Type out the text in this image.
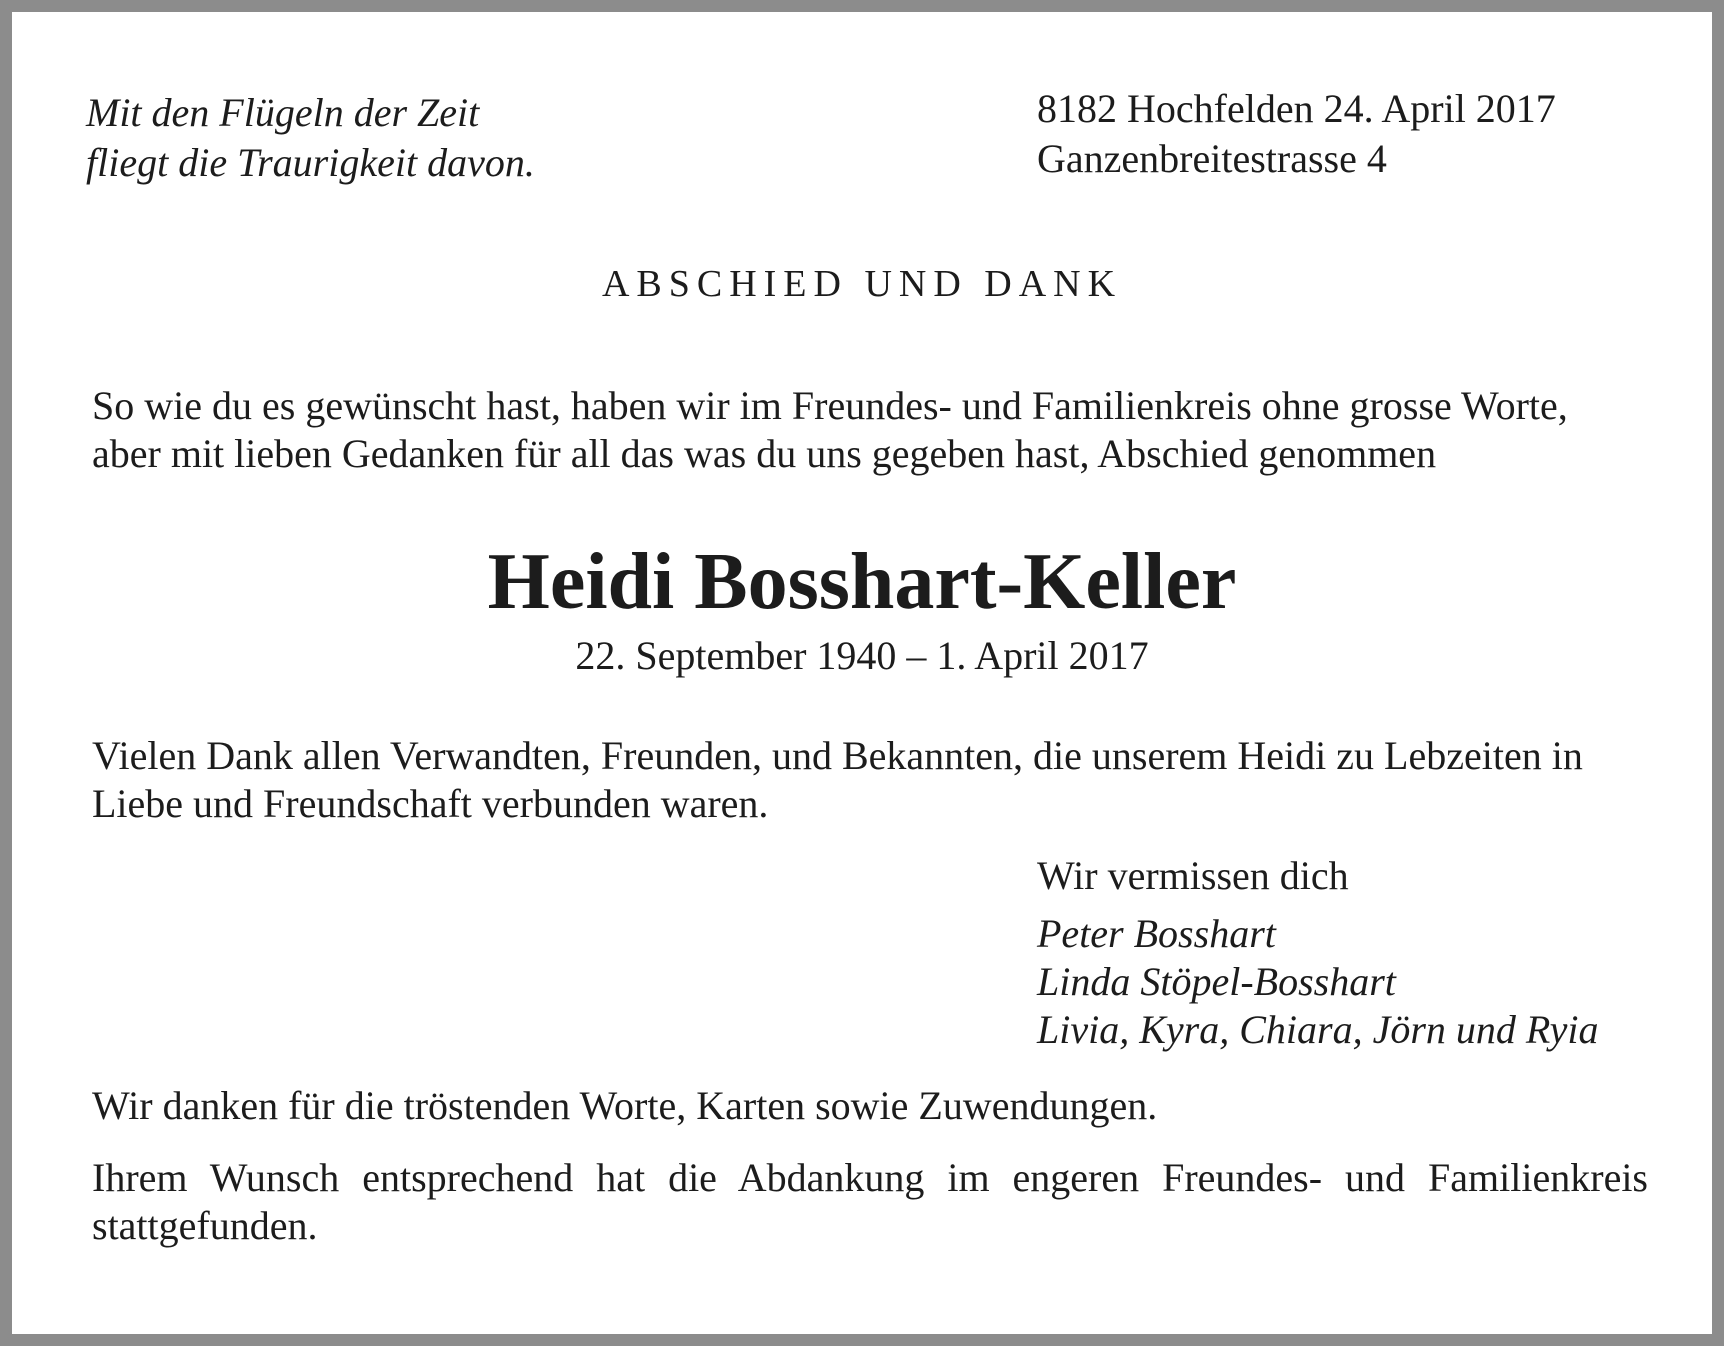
Mit den Flügeln der Zeit
fliegt die Traurigkeit davon.
8182 Hochfelden 24. April 2017
Ganzenbreitestrasse 4
ABSCHIED UND DANK
So wie du es gewünscht hast, haben wir im Freundes- und Familienkreis ohne grosse Worte,
aber mit lieben Gedanken für all das was du uns gegeben hast, Abschied genommen
Heidi Bosshart-Keller
22. September 1940 – 1. April 2017
Vielen Dank allen Verwandten, Freunden, und Bekannten, die unserem Heidi zu Lebzeiten in
Liebe und Freundschaft verbunden waren.
Wir vermissen dich
Peter Bosshart
Linda Stöpel-Bosshart
Livia, Kyra, Chiara, Jörn und Ryia
Wir danken für die tröstenden Worte, Karten sowie Zuwendungen.
Ihrem Wunsch entsprechend hat die Abdankung im engeren Freundes- und Familienkreis stattgefunden.
